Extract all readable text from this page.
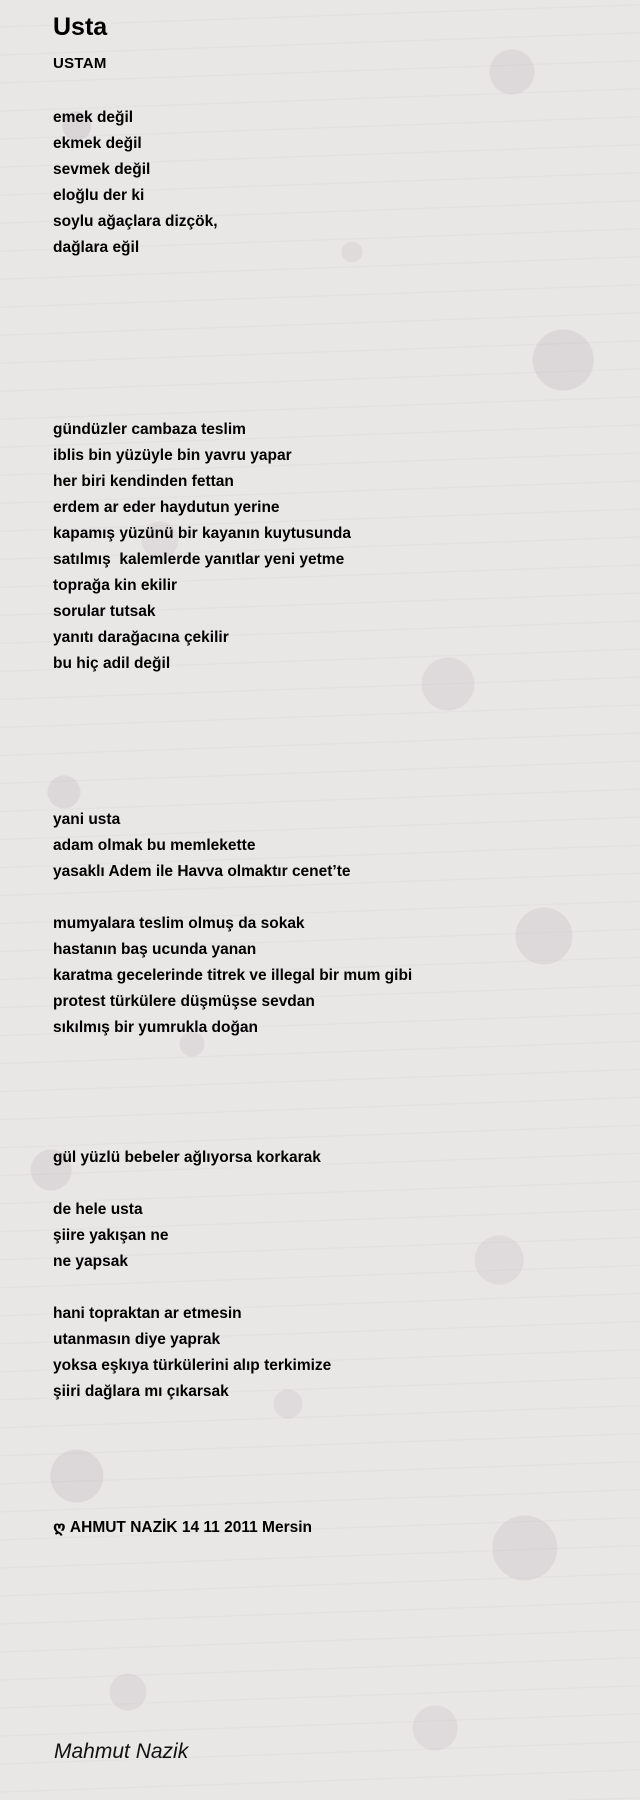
Usta
USTAM
emek değil
ekmek değil
sevmek değil
eloğlu der ki
soylu ağaçlara dizçök,
dağlara eğil
gündüzler cambaza teslim
iblis bin yüzüyle bin yavru yapar
her biri kendinden fettan
erdem ar eder haydutun yerine
kapamış yüzünü bir kayanın kuytusunda
satılmış  kalemlerde yanıtlar yeni yetme
toprağa kin ekilir
sorular tutsak
yanıtı darağacına çekilir
bu hiç adil değil
yani usta
adam olmak bu memlekette
yasaklı Adem ile Havva olmaktır cenet’te
mumyalara teslim olmuş da sokak
hastanın baş ucunda yanan
karatma gecelerinde titrek ve illegal bir mum gibi
protest türkülere düşmüşse sevdan
sıkılmış bir yumrukla doğan
gül yüzlü bebeler ağlıyorsa korkarak
de hele usta
şiire yakışan ne
ne yapsak
hani topraktan ar etmesin
utanmasın diye yaprak
yoksa eşkıya türkülerini alıp terkimize
şiiri dağlara mı çıkarsak
ღ AHMUT NAZİK 14 11 2011 Mersin
Mahmut Nazik
